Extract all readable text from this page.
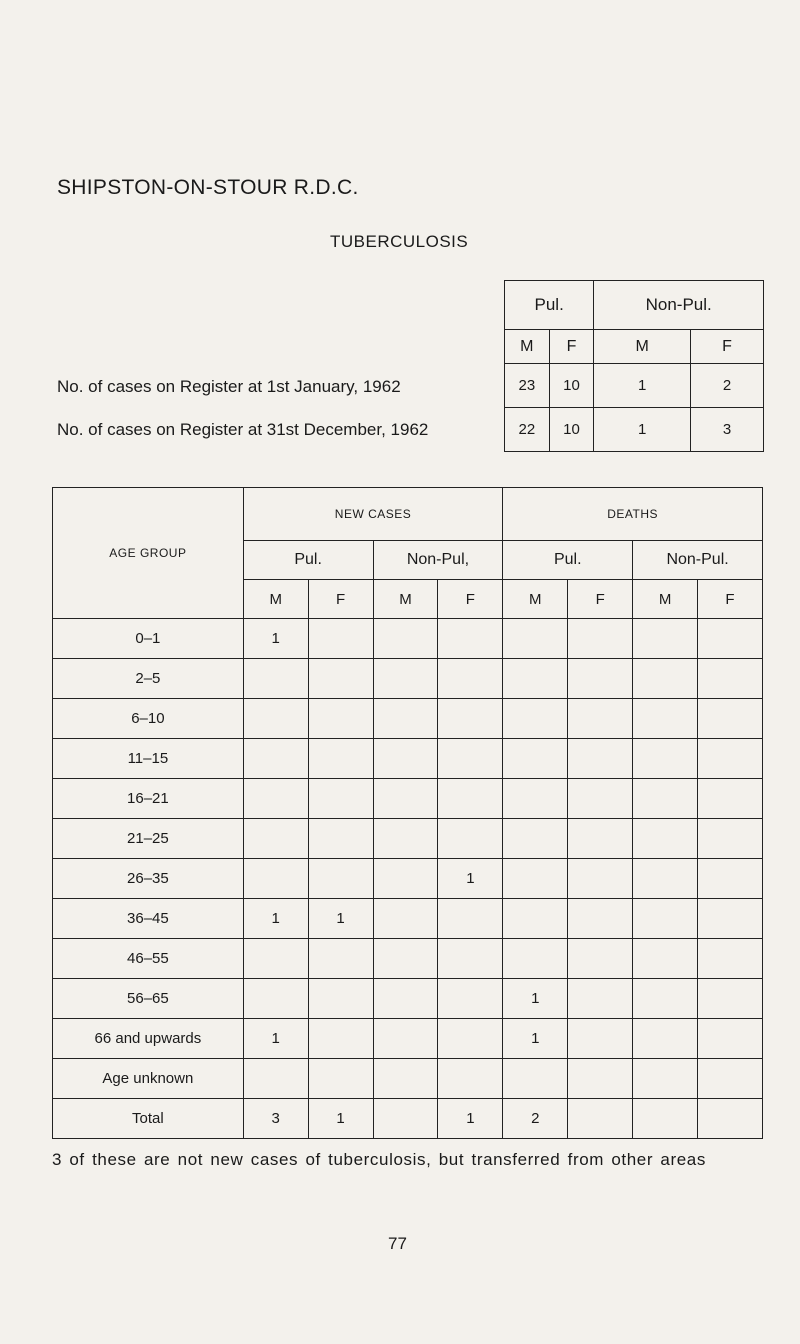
SHIPSTON-ON-STOUR R.D.C.
TUBERCULOSIS
No. of cases on Register at 1st January, 1962
No. of cases on Register at 31st December, 1962
Pul.		Non-Pul.	
M	F	M	F
23	10	1	2
22	10	1	3
AGE GROUP	NEW CASES				DEATHS			
	Pul.		Non-Pul,		Pul.		Non-Pul.	
	M	F	M	F	M	F	M	F
0–1	1							
2–5								
6–10								
11–15								
16–21								
21–25								
26–35				1				
36–45	1	1						
46–55								
56–65					1			
66 and upwards	1				1			
Age unknown								
Total	3	1		1	2			
3 of these are not new cases of tuberculosis, but transferred from other areas
77
